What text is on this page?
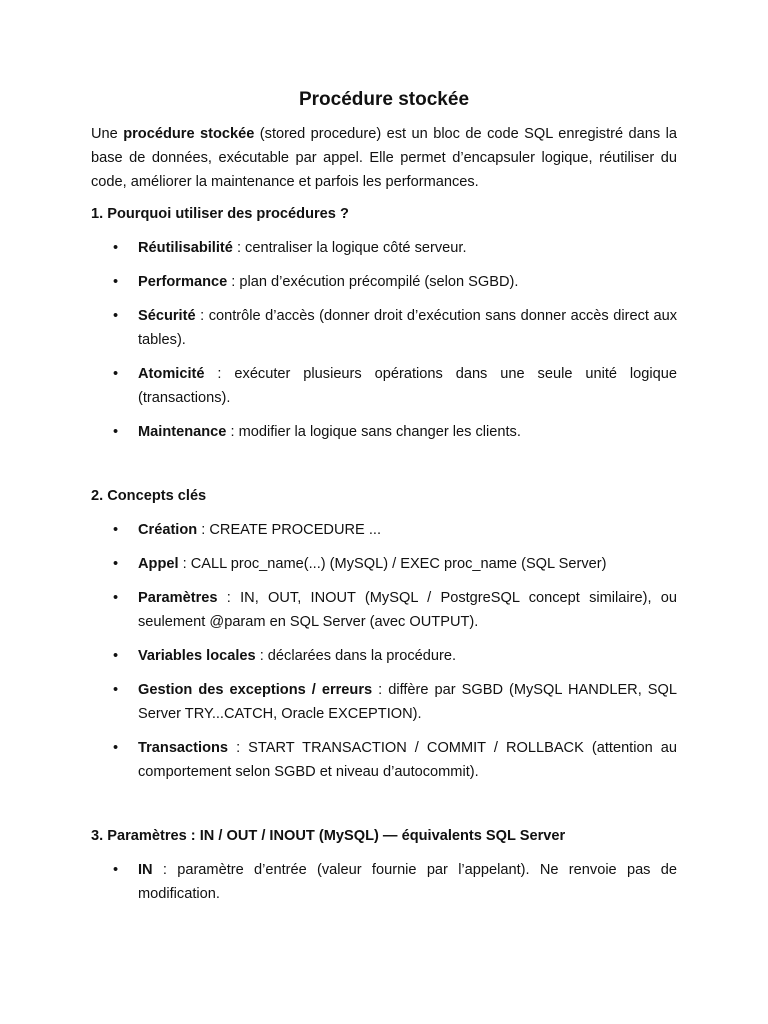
Procédure stockée

Une procédure stockée (stored procedure) est un bloc de code SQL enregistré dans la base de données, exécutable par appel. Elle permet d’encapsuler logique, réutiliser du code, améliorer la maintenance et parfois les performances.

1. Pourquoi utiliser des procédures ?
• Réutilisabilité : centraliser la logique côté serveur.
• Performance : plan d’exécution précompilé (selon SGBD).
• Sécurité : contrôle d’accès (donner droit d’exécution sans donner accès direct aux tables).
• Atomicité : exécuter plusieurs opérations dans une seule unité logique (transactions).
• Maintenance : modifier la logique sans changer les clients.
2. Concepts clés
• Création : CREATE PROCEDURE ...
• Appel : CALL proc_name(...) (MySQL) / EXEC proc_name (SQL Server)
• Paramètres : IN, OUT, INOUT (MySQL / PostgreSQL concept similaire), ou seulement @param en SQL Server (avec OUTPUT).
• Variables locales : déclarées dans la procédure.
• Gestion des exceptions / erreurs : diffère par SGBD (MySQL HANDLER, SQL Server TRY...CATCH, Oracle EXCEPTION).
• Transactions : START TRANSACTION / COMMIT / ROLLBACK (attention au comportement selon SGBD et niveau d’autocommit).
3. Paramètres : IN / OUT / INOUT (MySQL) — équivalents SQL Server
• IN : paramètre d’entrée (valeur fournie par l’appelant). Ne renvoie pas de modification.
